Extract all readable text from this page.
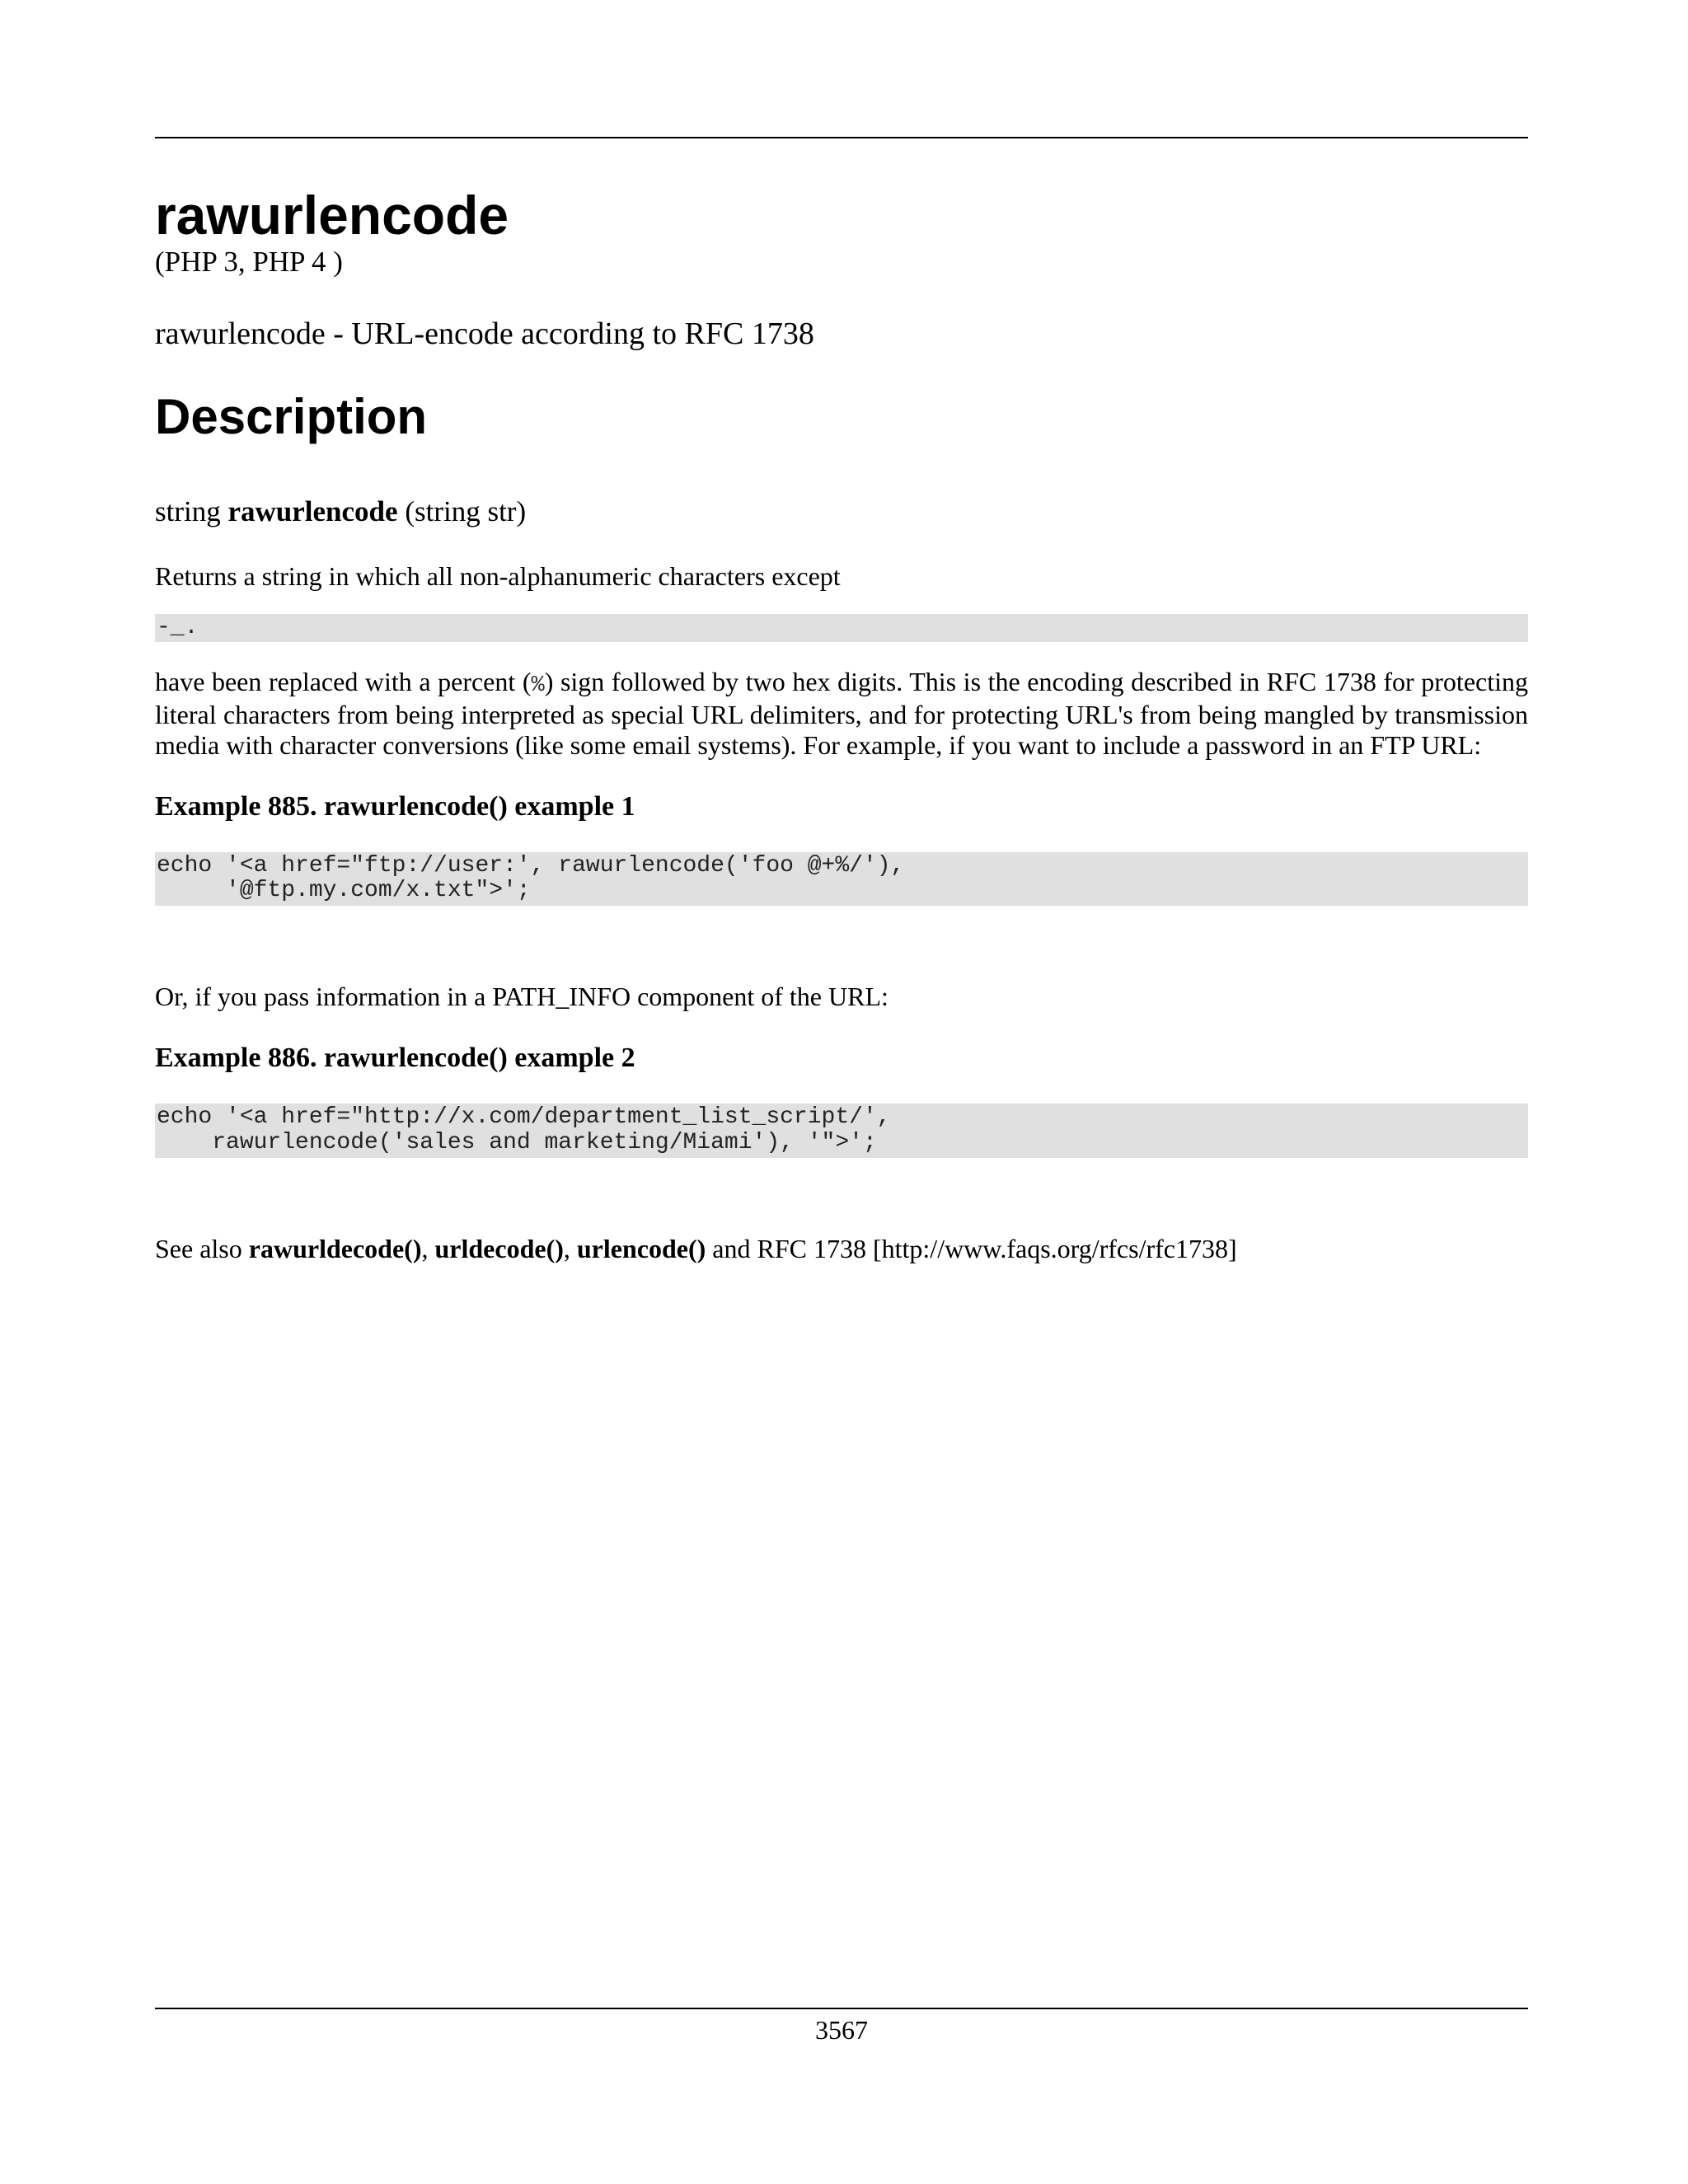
rawurlencode
(PHP 3, PHP 4 )
rawurlencode - URL-encode according to RFC 1738
Description
string rawurlencode (string str)
Returns a string in which all non-alphanumeric characters except
-_.
have been replaced with a percent (%) sign followed by two hex digits. This is the encoding described in RFC 1738 for protecting literal characters from being interpreted as special URL delimiters, and for protecting URL's from being mangled by transmission media with character conversions (like some email systems). For example, if you want to include a password in an FTP URL:
Example 885. rawurlencode() example 1
echo '<a href="ftp://user:', rawurlencode('foo @+%/'),
'@ftp.my.com/x.txt">';
Or, if you pass information in a PATH_INFO component of the URL:
Example 886. rawurlencode() example 2
echo '<a href="http://x.com/department_list_script/',
rawurlencode('sales and marketing/Miami'), '">';
See also rawurldecode(), urldecode(), urlencode() and RFC 1738 [http://www.faqs.org/rfcs/rfc1738]
3567
